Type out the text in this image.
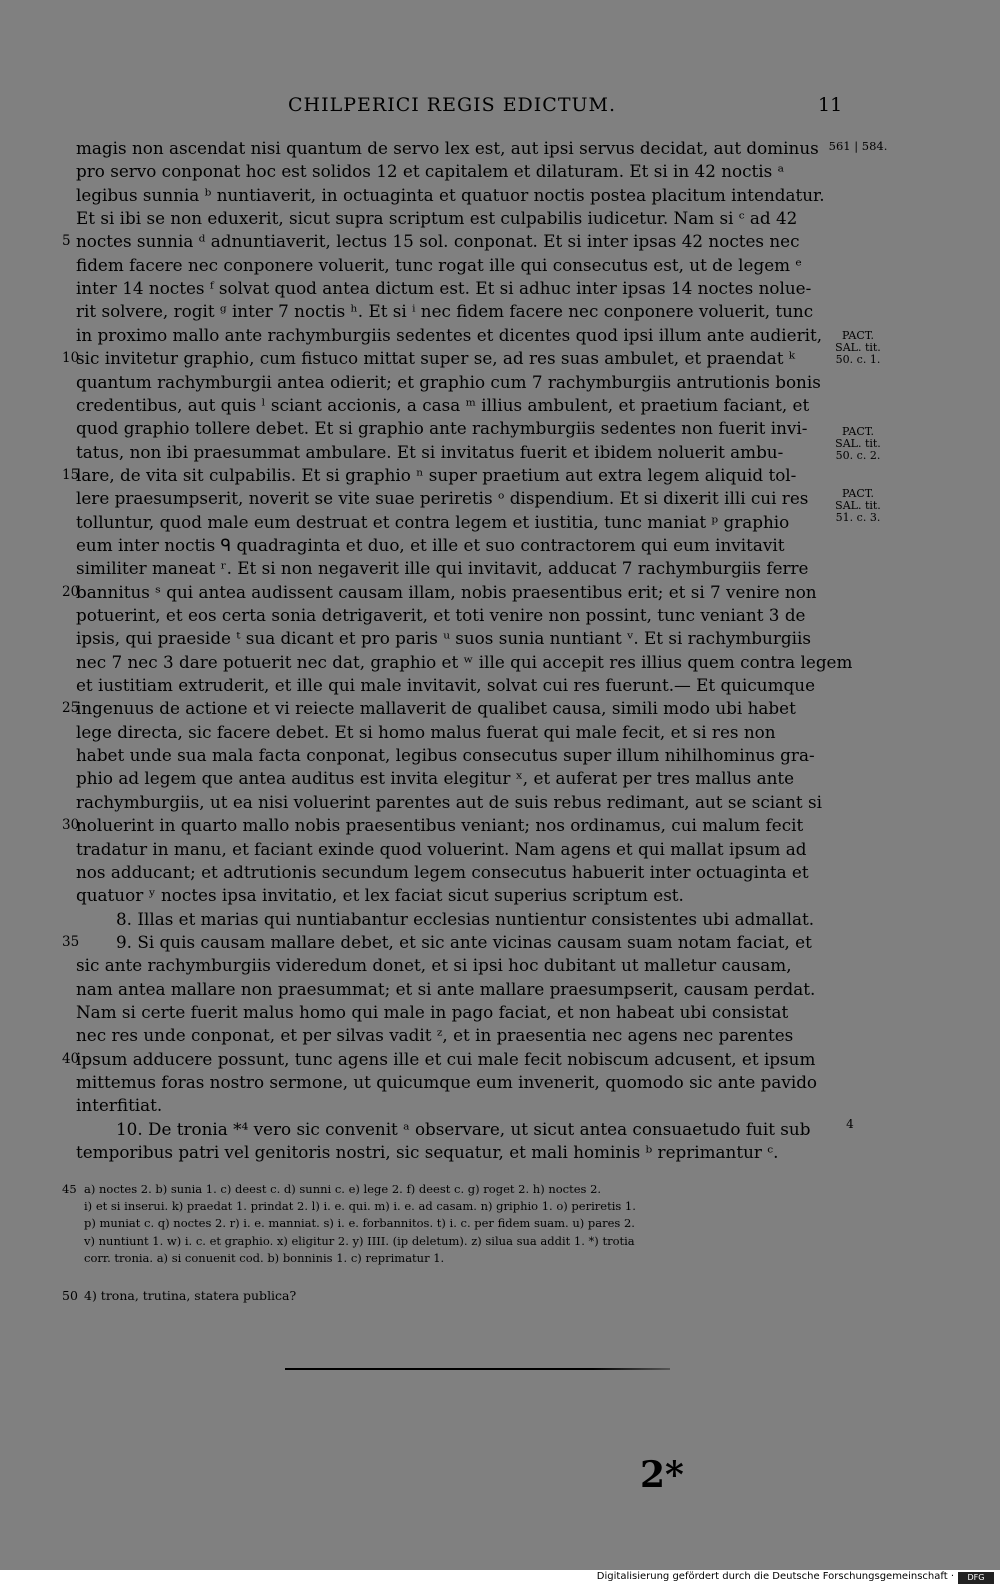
CHILPERICI REGIS EDICTUM.	11
magis non ascendat nisi quantum de servo lex est, aut ipsi servus decidat, aut dominus
pro servo conponat hoc est solidos 12 et capitalem et dilaturam. Et si in 42 noctis ᵃ
legibus sunnia ᵇ nuntiaverit, in octuaginta et quatuor noctis postea placitum intendatur.
Et si ibi se non eduxerit, sicut supra scriptum est culpabilis iudicetur. Nam si ᶜ ad 42
5 noctes sunnia ᵈ adnuntiaverit, lectus 15 sol. conponat. Et si inter ipsas 42 noctes nec
fidem facere nec conponere voluerit, tunc rogat ille qui consecutus est, ut de legem ᵉ
inter 14 noctes ᶠ solvat quod antea dictum est. Et si adhuc inter ipsas 14 noctes nolue-
rit solvere, rogit ᵍ inter 7 noctis ʰ. Et si ⁱ nec fidem facere nec conponere voluerit, tunc
in proximo mallo ante rachymburgiis sedentes et dicentes quod ipsi illum ante audierit,
10
sic invitetur graphio, cum fistuco mittat super se, ad res suas ambulet, et praendat ᵏ
quantum rachymburgii antea odierit; et graphio cum 7 rachymburgiis antrutionis bonis
credentibus, aut quis ˡ sciant accionis, a casa ᵐ illius ambulent, et praetium faciant, et
quod graphio tollere debet. Et si graphio ante rachymburgiis sedentes non fuerit invi-
tatus, non ibi praesummat ambulare. Et si invitatus fuerit et ibidem noluerit ambu-
15
lare, de vita sit culpabilis. Et si graphio ⁿ super praetium aut extra legem aliquid tol-
lere praesumpserit, noverit se vite suae periretis ᵒ dispendium. Et si dixerit illi cui res
tolluntur, quod male eum destruat et contra legem et iustitia, tunc maniat ᵖ graphio
eum inter noctis ᑫ quadraginta et duo, et ille et suo contractorem qui eum invitavit
similiter maneat ʳ. Et si non negaverit ille qui invitavit, adducat 7 rachymburgiis ferre
20
bannitus ˢ qui antea audissent causam illam, nobis praesentibus erit; et si 7 venire non
potuerint, et eos certa sonia detrigaverit, et toti venire non possint, tunc veniant 3 de
ipsis, qui praeside ᵗ sua dicant et pro paris ᵘ suos sunia nuntiant ᵛ. Et si rachymburgiis
nec 7 nec 3 dare potuerit nec dat, graphio et ʷ ille qui accepit res illius quem contra legem
et iustitiam extruderit, et ille qui male invitavit, solvat cui res fuerunt.— Et quicumque
25
ingenuus de actione et vi reiecte mallaverit de qualibet causa, simili modo ubi habet
lege directa, sic facere debet. Et si homo malus fuerat qui male fecit, et si res non
habet unde sua mala facta conponat, legibus consecutus super illum nihilhominus gra-
phio ad legem que antea auditus est invita elegitur ˣ, et auferat per tres mallus ante
rachymburgiis, ut ea nisi voluerint parentes aut de suis rebus redimant, aut se sciant si
30
noluerint in quarto mallo nobis praesentibus veniant; nos ordinamus, cui malum fecit
tradatur in manu, et faciant exinde quod voluerint. Nam agens et qui mallat ipsum ad
nos adducant; et adtrutionis secundum legem consecutus habuerit inter octuaginta et
quatuor ʸ noctes ipsa invitatio, et lex faciat sicut superius scriptum est.
8. Illas et marias qui nuntiabantur ecclesias nuntientur consistentes ubi admallat.
35	9. Si quis causam mallare debet, et sic ante vicinas causam suam notam faciat, et
sic ante rachymburgiis videredum donet, et si ipsi hoc dubitant ut malletur causam,
nam antea mallare non praesummat; et si ante mallare praesumpserit, causam perdat.
Nam si certe fuerit malus homo qui male in pago faciat, et non habeat ubi consistat
nec res unde conponat, et per silvas vadit ᶻ, et in praesentia nec agens nec parentes
40
ipsum adducere possunt, tunc agens ille et cui male fecit nobiscum adcusent, et ipsum
mittemus foras nostro sermone, ut quicumque eum invenerit, quomodo sic ante pavido
interfitiat.
10. De tronia *⁴ vero sic convenit ᵃ observare, ut sicut antea consuaetudo fuit sub
temporibus patri vel genitoris nostri, sic sequatur, et mali hominis ᵇ reprimantur ᶜ.
561 | 584.
PACT. SAL. tit. 50. c. 1.
PACT. SAL. tit. 50. c. 2.
PACT. SAL. tit. 51. c. 3.
4
45 a) noctes 2. b) sunia 1. c) deest c. d) sunni c. e) lege 2. f) deest c. g) roget 2. h) noctes 2.
i) et si inserui. k) praedat 1. prindat 2. l) i. e. qui. m) i. e. ad casam. n) griphio 1. o) periretis 1.
p) muniat c. q) noctes 2. r) i. e. manniat. s) i. e. forbannitos. t) i. c. per fidem suam. u) pares 2.
v) nuntiunt 1. w) i. c. et graphio. x) eligitur 2. y) IIII. (ip deletum). z) silua sua addit 1. *) trotia
corr. tronia. a) si conuenit cod. b) bonninis 1. c) reprimatur 1.
50 4) trona, trutina, statera publica?
2*
Digitalisierung gefördert durch die Deutsche Forschungsgemeinschaft ·	DFG
